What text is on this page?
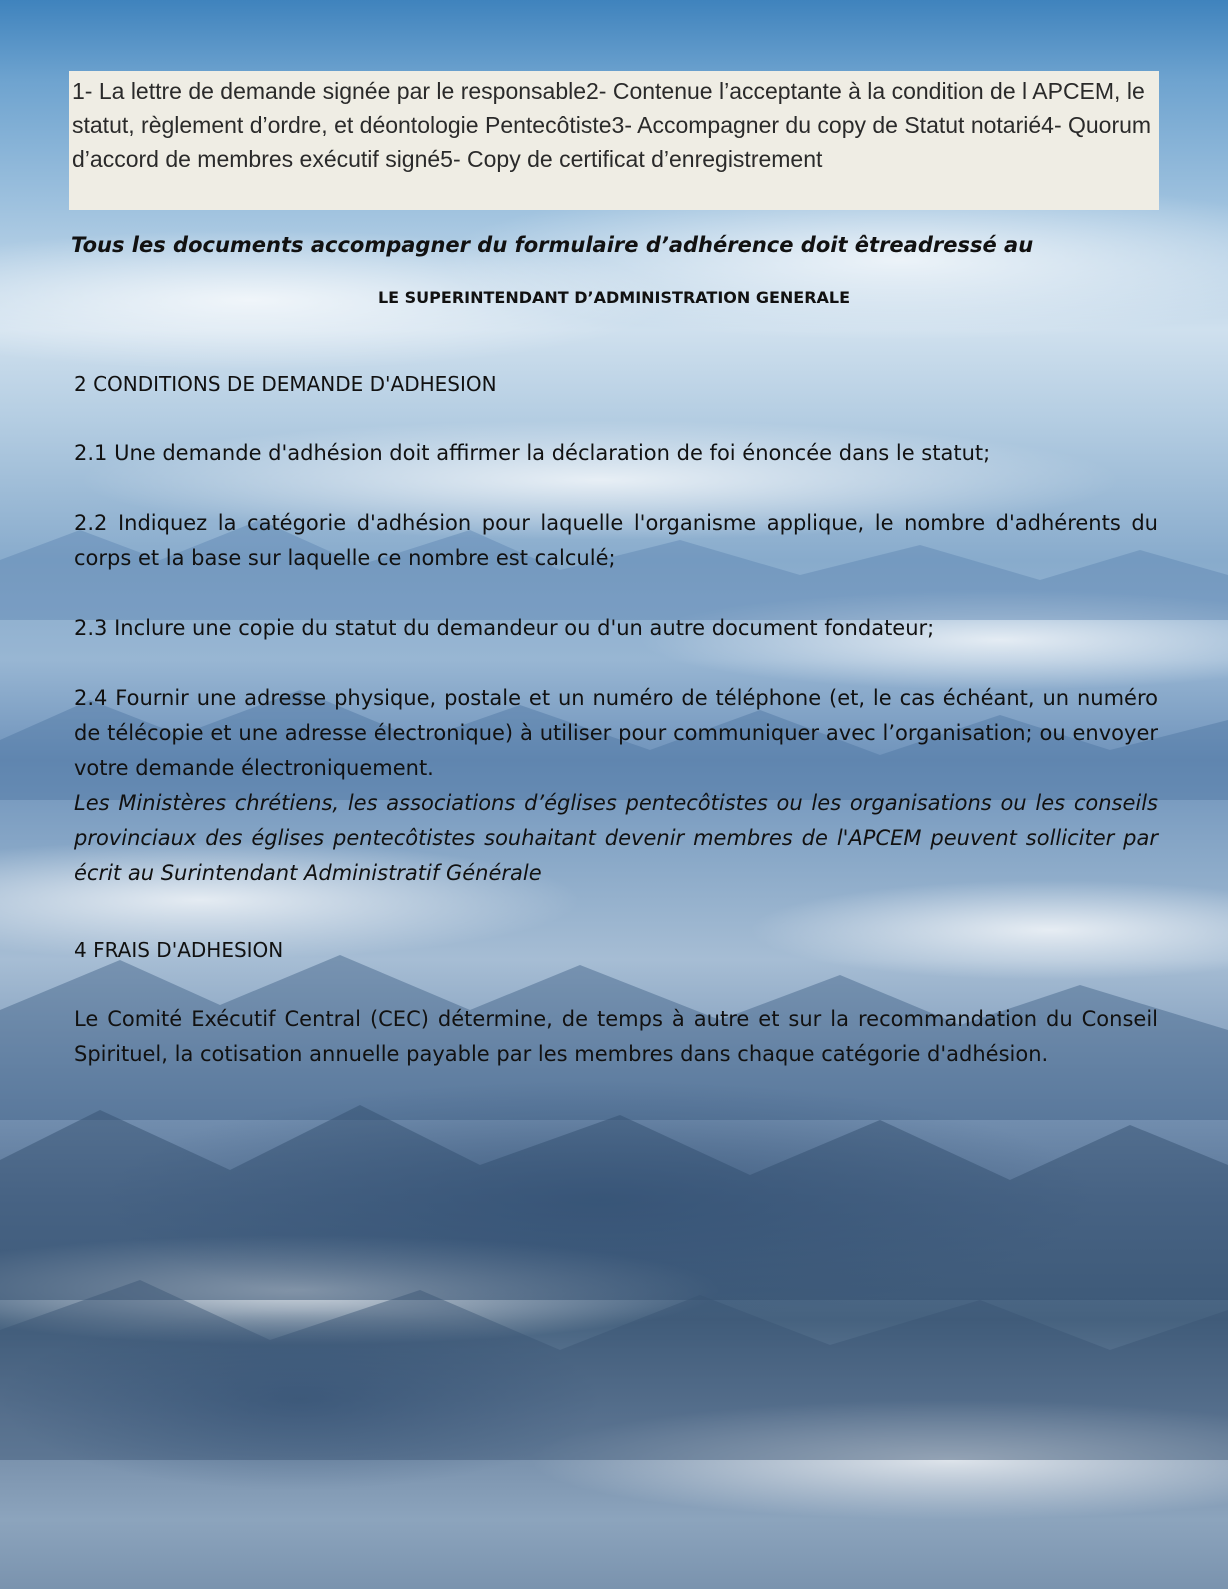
1- La lettre de demande signée par le responsable2- Contenue l’acceptante à la condition de l APCEM, le statut, règlement d’ordre, et déontologie Pentecôtiste3- Accompagner du copy de Statut notarié4- Quorum d’accord de membres exécutif signé5- Copy de certificat d’enregistrement
Tous les documents accompagner du formulaire d’adhérence doit êtreadressé au
LE SUPERINTENDANT D’ADMINISTRATION GENERALE
2 CONDITIONS DE DEMANDE D'ADHESION
2.1 Une demande d'adhésion doit affirmer la déclaration de foi énoncée dans le statut;
2.2 Indiquez la catégorie d'adhésion pour laquelle l'organisme applique, le nombre d'adhérents du corps et la base sur laquelle ce nombre est calculé;
2.3 Inclure une copie du statut du demandeur ou d'un autre document fondateur;
2.4 Fournir une adresse physique, postale et un numéro de téléphone (et, le cas échéant, un numéro de télécopie et une adresse électronique) à utiliser pour communiquer avec l’organisation; ou envoyer votre demande électroniquement.
Les Ministères chrétiens, les associations d’églises pentecôtistes ou les organisations ou les conseils provinciaux des églises pentecôtistes souhaitant devenir membres de l'APCEM peuvent solliciter par écrit au Surintendant Administratif Générale
4 FRAIS D'ADHESION
Le Comité Exécutif Central (CEC) détermine, de temps à autre et sur la recommandation du Conseil Spirituel, la cotisation annuelle payable par les membres dans chaque catégorie d'adhésion.
